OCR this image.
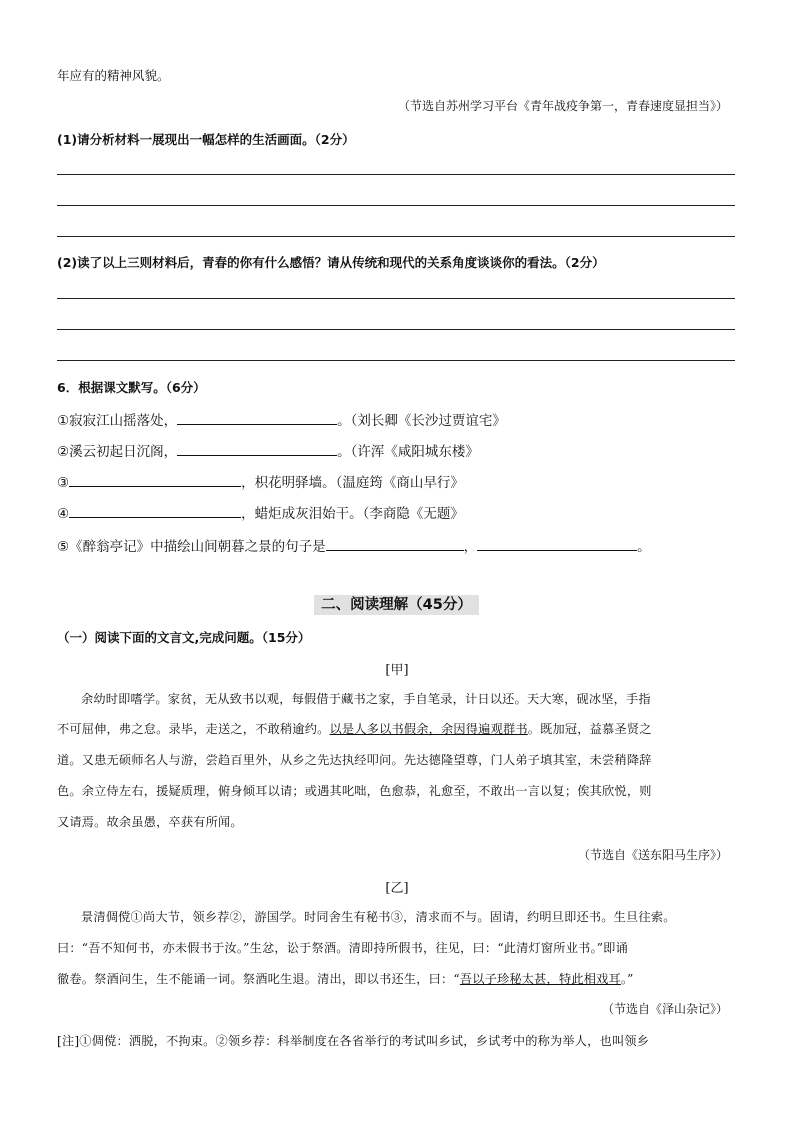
年应有的精神风貌。
（节选自苏州学习平台《青年战疫争第一，青春速度显担当》）
(1)请分析材料一展现出一幅怎样的生活画面。（2分）
(2)读了以上三则材料后，青春的你有什么感悟？请从传统和现代的关系角度谈谈你的看法。（2分）
6．根据课文默写。（6分）
①寂寂江山摇落处，	。（刘长卿《长沙过贾谊宅》
②溪云初起日沉阁，	。（许浑《咸阳城东楼》
③	，枳花明驿墙。（温庭筠《商山早行》
④	，蜡炬成灰泪始干。（李商隐《无题》
⑤《醉翁亭记》中描绘山间朝暮之景的句子是	，	。
二、阅读理解（45分）
（一）阅读下面的文言文,完成问题。（15分）
[甲]
余幼时即嗜学。家贫，无从致书以观，每假借于藏书之家，手自笔录，计日以还。天大寒，砚冰坚，手指
不可屈伸，弗之怠。录毕，走送之，不敢稍逾约。以是人多以书假余，余因得遍观群书。既加冠，益慕圣贤之
道。又患无硕师名人与游，尝趋百里外，从乡之先达执经叩问。先达德隆望尊，门人弟子填其室，未尝稍降辞
色。余立侍左右，援疑质理，俯身倾耳以请；或遇其叱咄，色愈恭，礼愈至，不敢出一言以复；俟其欣悦，则
又请焉。故余虽愚，卒获有所闻。
（节选自《送东阳马生序》）
[乙]
景清倜傥①尚大节，领乡荐②，游国学。时同舍生有秘书③，清求而不与。固请，约明旦即还书。生旦往索。
曰：“吾不知何书，亦未假书于汝。”生忿，讼于祭酒。清即持所假书，往见，曰：“此清灯窗所业书。”即诵
徹卷。祭酒问生，生不能诵一词。祭酒叱生退。清出，即以书还生，曰：“吾以子珍秘太甚，特此相戏耳。”
（节选自《泽山杂记》）
[注]①倜傥：洒脱，不拘束。②领乡荐：科举制度在各省举行的考试叫乡试，乡试考中的称为举人，也叫领乡
